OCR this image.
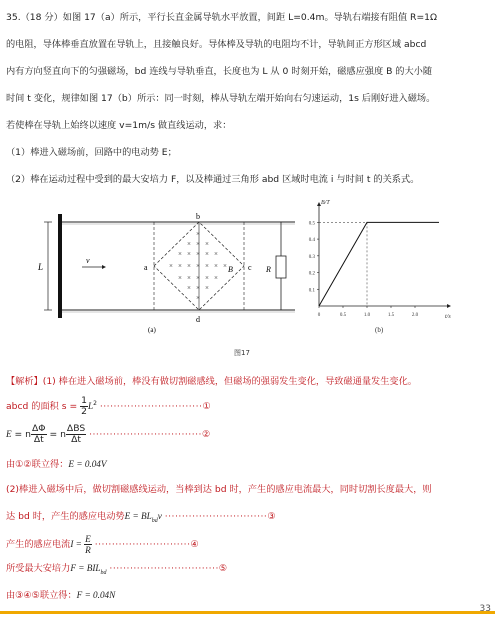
35.（18 分）如图 17（a）所示，平行长直金属导轨水平放置，间距 L=0.4m。导轨右端接有阻值 R=1Ω
的电阻，导体棒垂直放置在导轨上，且接触良好。导体棒及导轨的电阻均不计，导轨间正方形区域 abcd
内有方向竖直向下的匀强磁场，bd 连线与导轨垂直，长度也为 L 从 0 时刻开始，磁感应强度 B 的大小随
时间 t 变化，规律如图 17（b）所示：同一时刻，棒从导轨左端开始向右匀速运动，1s 后刚好进入磁场。
若使棒在导轨上始终以速度 v=1m/s 做直线运动，求：
（1）棒进入磁场前，回路中的电动势 E；
（2）棒在运动过程中受到的最大安培力 F，以及棒通过三角形 abd 区域时电流 i 与时间 t 的关系式。
L
v
×
× × ×
× × × × ×
× × × × × × ×
× × × × ×
× × ×
×
a
b
c
d
B	R
(a)
0.1
0.2
0.3
0.4
0.5
0	0.5	1.0	1.5	2.0
B/T
t/s
(b)
图17
【解析】(1) 棒在进入磁场前，棒没有做切割磁感线，但磁场的强弱发生变化，导致磁通量发生变化。
abcd 的面积 $s = \frac{1}{2} L^2$ ······························①
E = n $\frac{\Delta\Phi}{\Delta t} = n \frac{\text{ΔBS}}{\Delta t}$ ·································②
由①②联立得：E = 0.04V
(2)棒进入磁场中后，做切割磁感线运动，当棒到达 bd 时，产生的感应电流最大，同时切割长度最大，则
达 bd 时，产生的感应电动势$E = BL_{bd}v$ ······························③
产生的感应电流$I = \frac{E}{R}$ ····························④
所受最大安培力$F = BIL_{bd}$ ································⑤
由③④⑤联立得：F = 0.04N
33
